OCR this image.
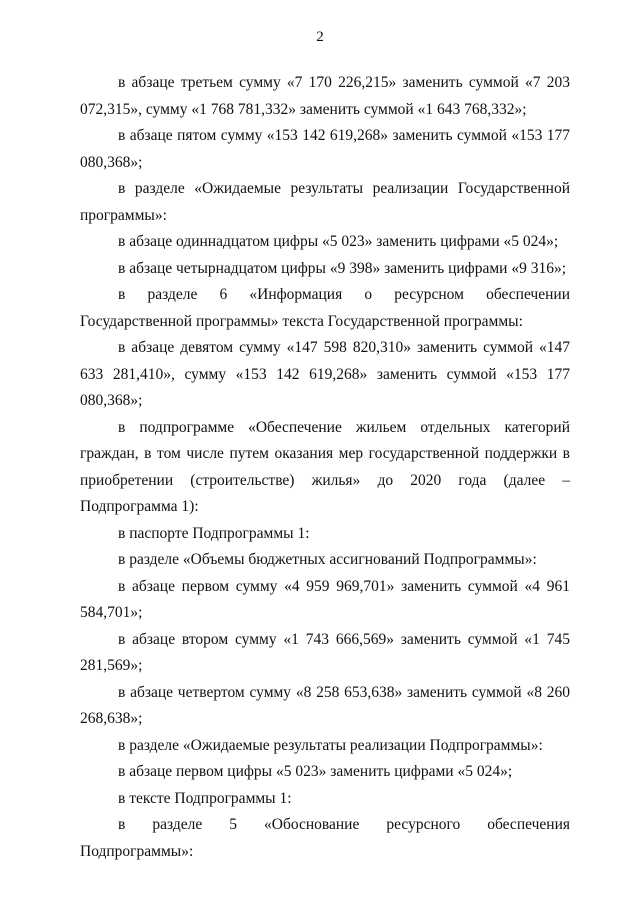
2

в абзаце третьем сумму «7 170 226,215» заменить суммой «7 203 072,315», сумму «1 768 781,332» заменить суммой «1 643 768,332»;

в абзаце пятом сумму «153 142 619,268» заменить суммой «153 177 080,368»;

в разделе «Ожидаемые результаты реализации Государственной программы»:

в абзаце одиннадцатом цифры «5 023» заменить цифрами «5 024»;

в абзаце четырнадцатом цифры «9 398» заменить цифрами «9 316»;

в разделе 6 «Информация о ресурсном обеспечении Государственной программы» текста Государственной программы:

в абзаце девятом сумму «147 598 820,310» заменить суммой «147 633 281,410», сумму «153 142 619,268» заменить суммой «153 177 080,368»;

в подпрограмме «Обеспечение жильем отдельных категорий граждан, в том числе путем оказания мер государственной поддержки в приобретении (строительстве) жилья» до 2020 года (далее – Подпрограмма 1):

в паспорте Подпрограммы 1:

в разделе «Объемы бюджетных ассигнований Подпрограммы»:

в абзаце первом сумму «4 959 969,701» заменить суммой «4 961 584,701»;

в абзаце втором сумму «1 743 666,569» заменить суммой «1 745 281,569»;

в абзаце четвертом сумму «8 258 653,638» заменить суммой «8 260 268,638»;

в разделе «Ожидаемые результаты реализации Подпрограммы»:

в абзаце первом цифры «5 023» заменить цифрами «5 024»;

в тексте Подпрограммы 1:

в разделе 5 «Обоснование ресурсного обеспечения Подпрограммы»:
